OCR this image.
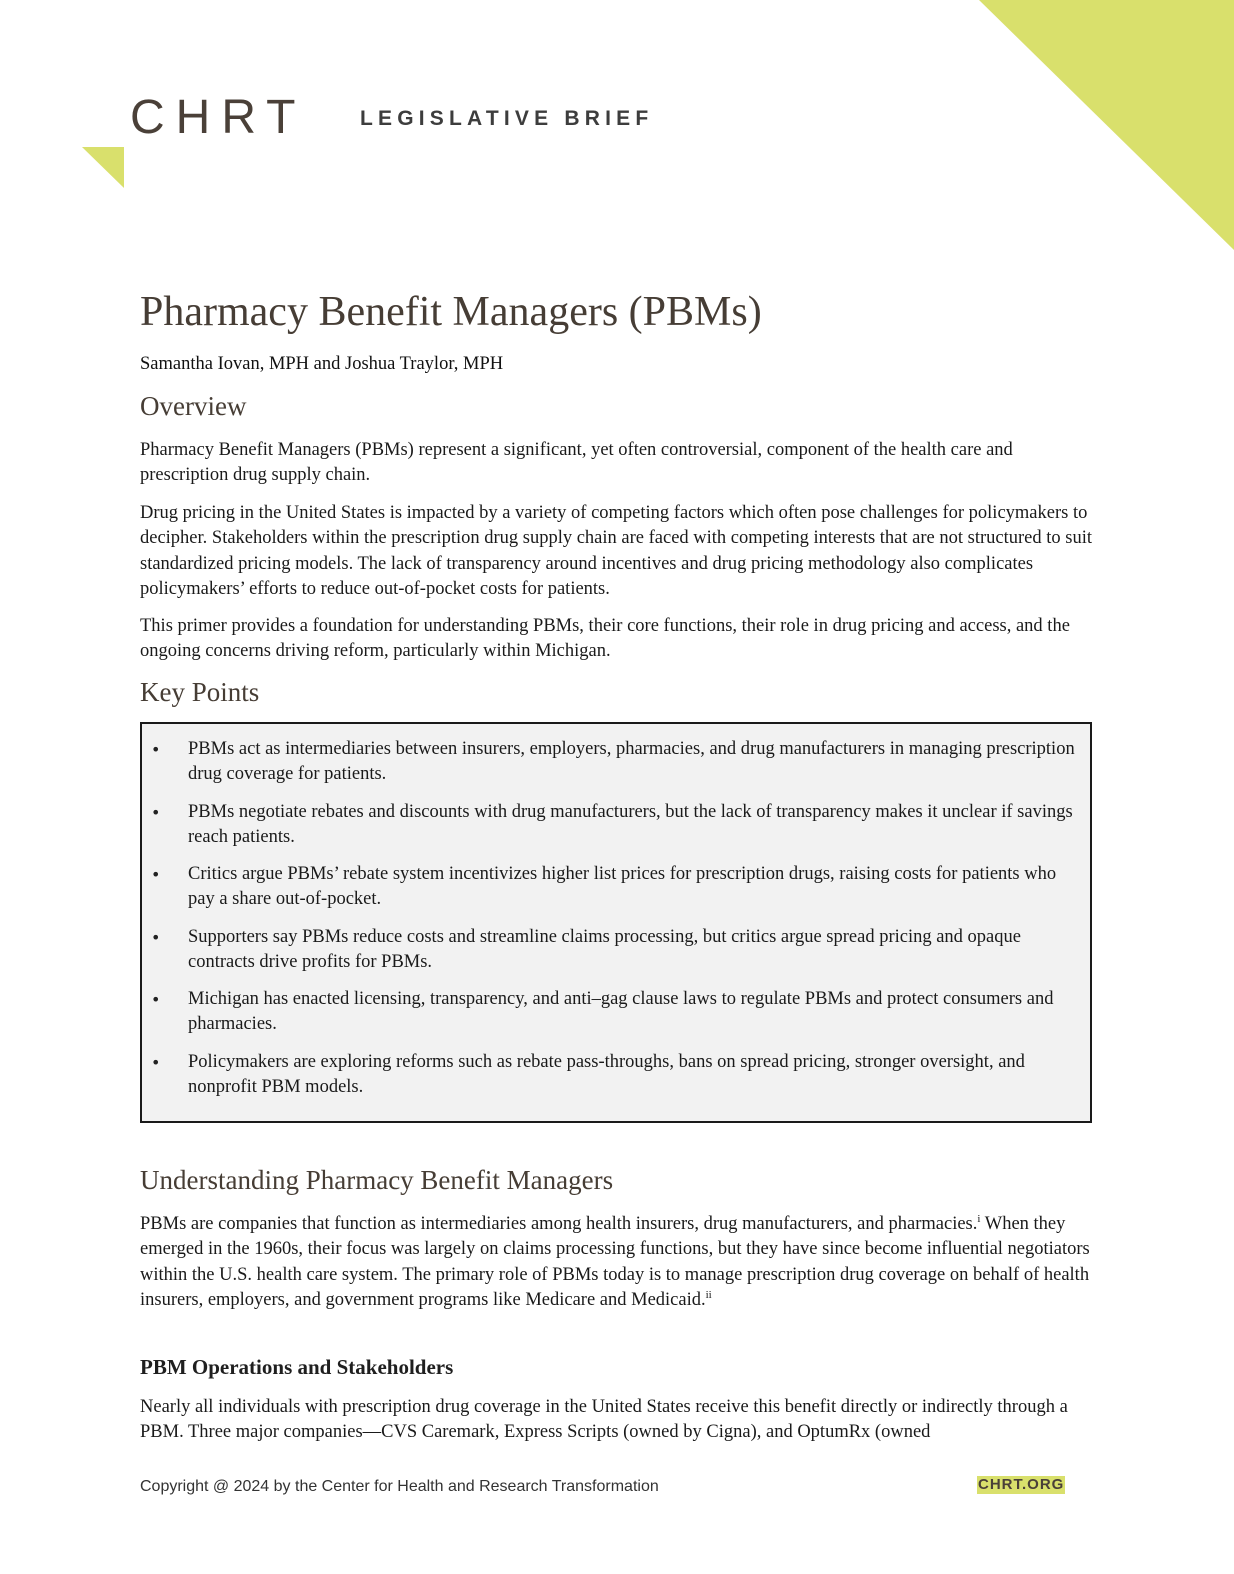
CHRT	LEGISLATIVE BRIEF
Pharmacy Benefit Managers (PBMs)
Samantha Iovan, MPH and Joshua Traylor, MPH
Overview

Pharmacy Benefit Managers (PBMs) represent a significant, yet often controversial, component of the health care and prescription drug supply chain.

Drug pricing in the United States is impacted by a variety of competing factors which often pose challenges for policymakers to decipher. Stakeholders within the prescription drug supply chain are faced with competing interests that are not structured to suit standardized pricing models. The lack of transparency around incentives and drug pricing methodology also complicates policymakers’ efforts to reduce out-of-pocket costs for patients.

This primer provides a foundation for understanding PBMs, their core functions, their role in drug pricing and access, and the ongoing concerns driving reform, particularly within Michigan.

Key Points
• PBMs act as intermediaries between insurers, employers, pharmacies, and drug manufacturers in managing prescription drug coverage for patients.
• PBMs negotiate rebates and discounts with drug manufacturers, but the lack of transparency makes it unclear if savings reach patients.
• Critics argue PBMs’ rebate system incentivizes higher list prices for prescription drugs, raising costs for patients who pay a share out-of-pocket.
• Supporters say PBMs reduce costs and streamline claims processing, but critics argue spread pricing and opaque contracts drive profits for PBMs.
• Michigan has enacted licensing, transparency, and anti–gag clause laws to regulate PBMs and protect consumers and pharmacies.
• Policymakers are exploring reforms such as rebate pass-throughs, bans on spread pricing, stronger oversight, and nonprofit PBM models.
Understanding Pharmacy Benefit Managers

PBMs are companies that function as intermediaries among health insurers, drug manufacturers, and pharmacies.$^i$ When they emerged in the 1960s, their focus was largely on claims processing functions, but they have since become influential negotiators within the U.S. health care system. The primary role of PBMs today is to manage prescription drug coverage on behalf of health insurers, employers, and government programs like Medicare and Medicaid.$^{ii}$

PBM Operations and Stakeholders

Nearly all individuals with prescription drug coverage in the United States receive this benefit directly or indirectly through a PBM. Three major companies—CVS Caremark, Express Scripts (owned by Cigna), and OptumRx (owned

Copyright @ 2024 by the Center for Health and Research Transformation	CHRT.ORG
